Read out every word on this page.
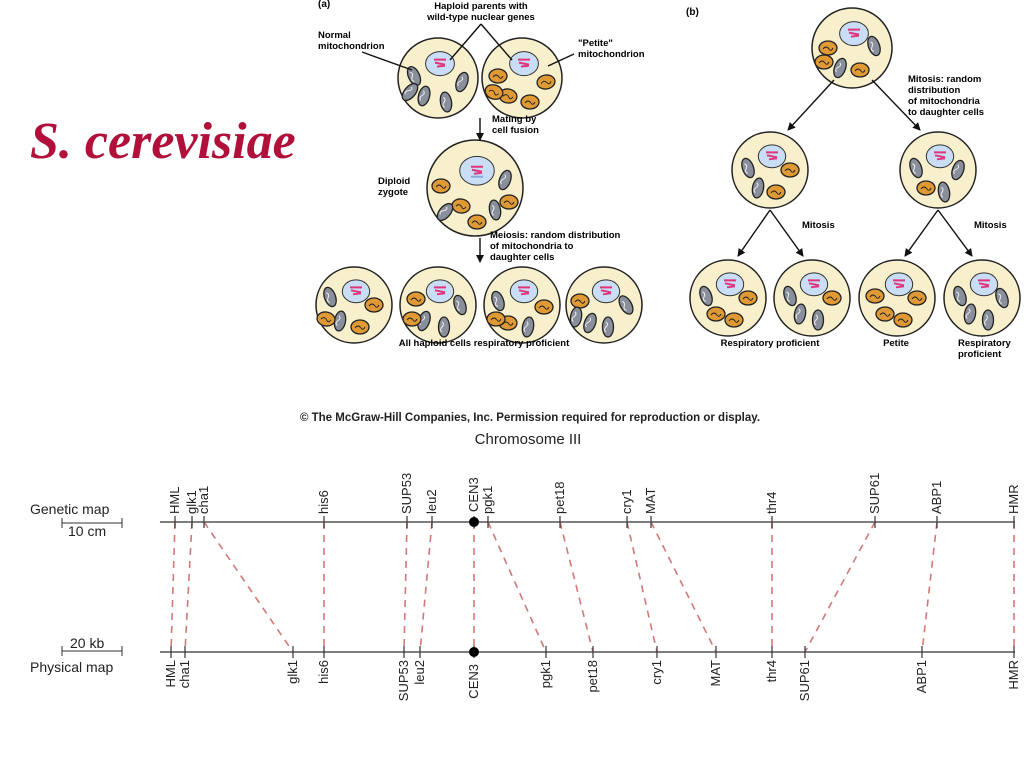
S. cerevisiae
(a)	Haploid parents with wild-type nuclear genes
Normal mitochondrion	"Petite" mitochondrion
Mating by cell fusion
Diploid zygote
Meiosis: random distribution of mitochondria to daughter cells
All haploid cells respiratory proficient
(b)
Mitosis: random distribution of mitochondria to daughter cells
Mitosis	Mitosis
Respiratory proficient	Petite	Respiratory proficient
© The McGraw-Hill Companies, Inc. Permission required for reproduction or display.
Chromosome III
Genetic map
10 cm
20 kb
Physical map
HML glk1
cha1	his6	SUP53 leu2	pgk1	pet18	cry1 MAT	thr4	SUP61	ABP1	HMR
HML cha1	glk1 his6	SUP53 leu2	pgk1 pet18	cry1	MAT	thr4 SUP61	ABP1	HMR
CEN3
CEN3
